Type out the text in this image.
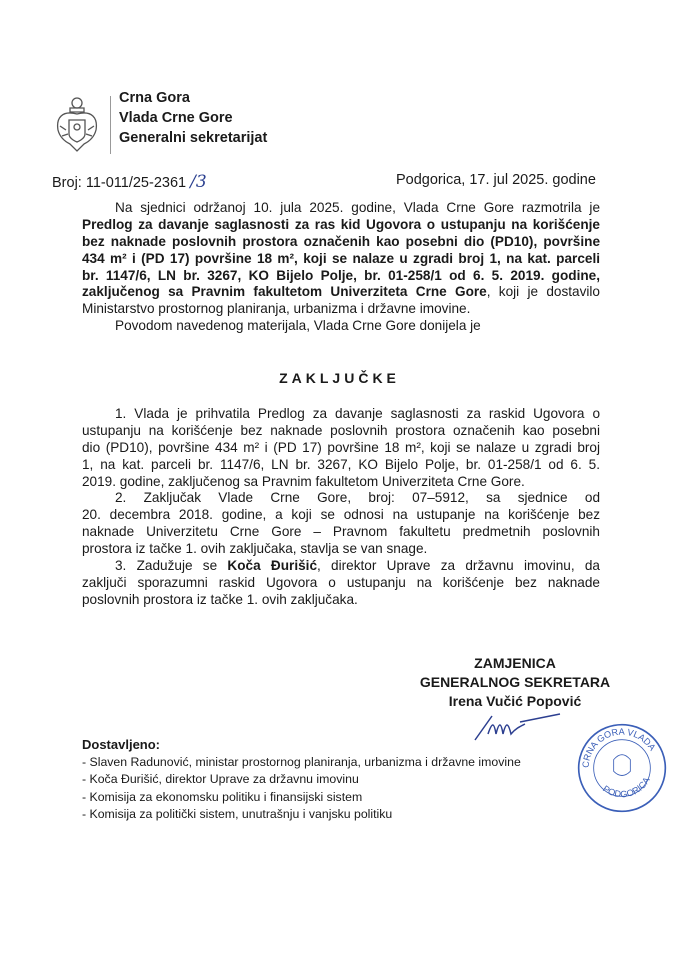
Crna Gora
Vlada Crne Gore
Generalni sekretarijat
Broj: 11-011/25-2361 /3	Podgorica, 17. jul 2025. godine
Na sjednici održanoj 10. jula 2025. godine, Vlada Crne Gore razmotrila je
Predlog za davanje saglasnosti za ras kid Ugovora o ustupanju na korišćenje
bez naknade poslovnih prostora označenih kao posebni dio (PD10), površine
434 m² i (PD 17) površine 18 m², koji se nalaze u zgradi broj 1, na kat. parceli
br. 1147/6, LN br. 3267, KO Bijelo Polje, br. 01-258/1 od 6. 5. 2019. godine,
zaključenog sa Pravnim fakultetom Univerziteta Crne Gore, koji je dostavilo
Ministarstvo prostornog planiranja, urbanizma i državne imovine.
Povodom navedenog materijala, Vlada Crne Gore donijela je
ZAKLJUČKE
1. Vlada je prihvatila Predlog za davanje saglasnosti za raskid Ugovora o
ustupanju na korišćenje bez naknade poslovnih prostora označenih kao posebni
dio (PD10), površine 434 m² i (PD 17) površine 18 m², koji se nalaze u zgradi broj
1, na kat. parceli br. 1147/6, LN br. 3267, KO Bijelo Polje, br. 01-258/1 od 6. 5.
2019. godine, zaključenog sa Pravnim fakultetom Univerziteta Crne Gore.
2. Zaključak Vlade Crne Gore, broj: 07–5912, sa sjednice od
20. decembra 2018. godine, a koji se odnosi na ustupanje na korišćenje bez
naknade Univerzitetu Crne Gore – Pravnom fakultetu predmetnih poslovnih
prostora iz tačke 1. ovih zaključaka, stavlja se van snage.
3. Zadužuje se Koča Đurišić, direktor Uprave za državnu imovinu, da
zaključi sporazumni raskid Ugovora o ustupanju na korišćenje bez naknade
poslovnih prostora iz tačke 1. ovih zaključaka.
ZAMJENICA
GENERALNOG SEKRETARA
Irena Vučić Popović
CRNA GORA VLADA
PODGORICA
Dostavljeno:
- Slaven Radunović, ministar prostornog planiranja, urbanizma i državne imovine
- Koča Đurišić, direktor Uprave za državnu imovinu
- Komisija za ekonomsku politiku i finansijski sistem
- Komisija za politički sistem, unutrašnju i vanjsku politiku
